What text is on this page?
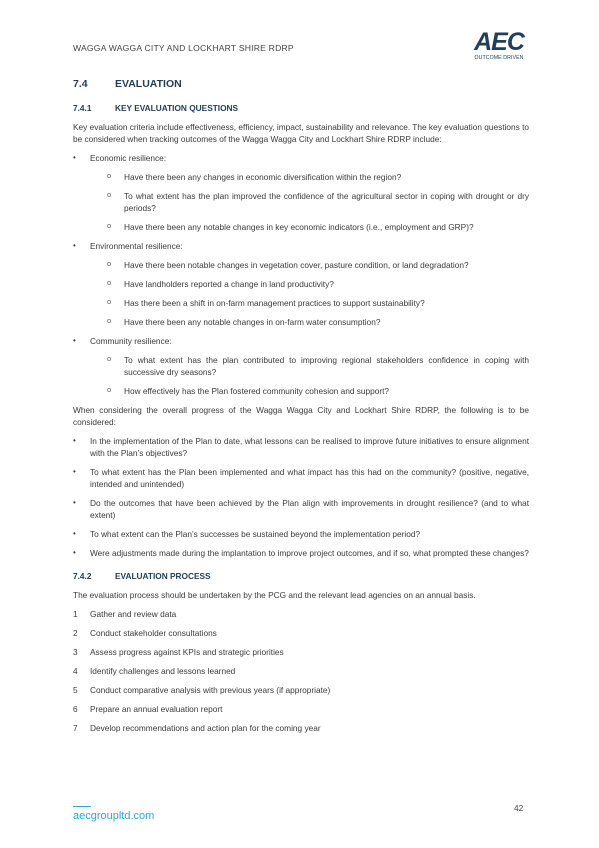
WAGGA WAGGA CITY AND LOCKHART SHIRE RDRP	AEC
OUTCOME DRIVEN
7.4	EVALUATION
7.4.1	KEY EVALUATION QUESTIONS

Key evaluation criteria include effectiveness, efficiency, impact, sustainability and relevance. The key evaluation questions to be considered when tracking outcomes of the Wagga Wagga City and Lockhart Shire RDRP include:

• Economic resilience:
o Have there been any changes in economic diversification within the region?
o To what extent has the plan improved the confidence of the agricultural sector in coping with drought or dry periods?
o Have there been any notable changes in key economic indicators (i.e., employment and GRP)?
• Environmental resilience:
o Have there been notable changes in vegetation cover, pasture condition, or land degradation?
o Have landholders reported a change in land productivity?
o Has there been a shift in on-farm management practices to support sustainability?
o Have there been any notable changes in on-farm water consumption?
• Community resilience:
o To what extent has the plan contributed to improving regional stakeholders confidence in coping with successive dry seasons?
o How effectively has the Plan fostered community cohesion and support?

When considering the overall progress of the Wagga Wagga City and Lockhart Shire RDRP, the following is to be considered:

• In the implementation of the Plan to date, what lessons can be realised to improve future initiatives to ensure alignment with the Plan’s objectives?
• To what extent has the Plan been implemented and what impact has this had on the community? (positive, negative, intended and unintended)
• Do the outcomes that have been achieved by the Plan align with improvements in drought resilience? (and to what extent)
• To what extent can the Plan’s successes be sustained beyond the implementation period?
• Were adjustments made during the implantation to improve project outcomes, and if so, what prompted these changes?
7.4.2	EVALUATION PROCESS

The evaluation process should be undertaken by the PCG and the relevant lead agencies on an annual basis.

1 Gather and review data
2 Conduct stakeholder consultations
3 Assess progress against KPIs and strategic priorities
4 Identify challenges and lessons learned
5 Conduct comparative analysis with previous years (if appropriate)
6 Prepare an annual evaluation report
7 Develop recommendations and action plan for the coming year
aecgroupltd.com
42
